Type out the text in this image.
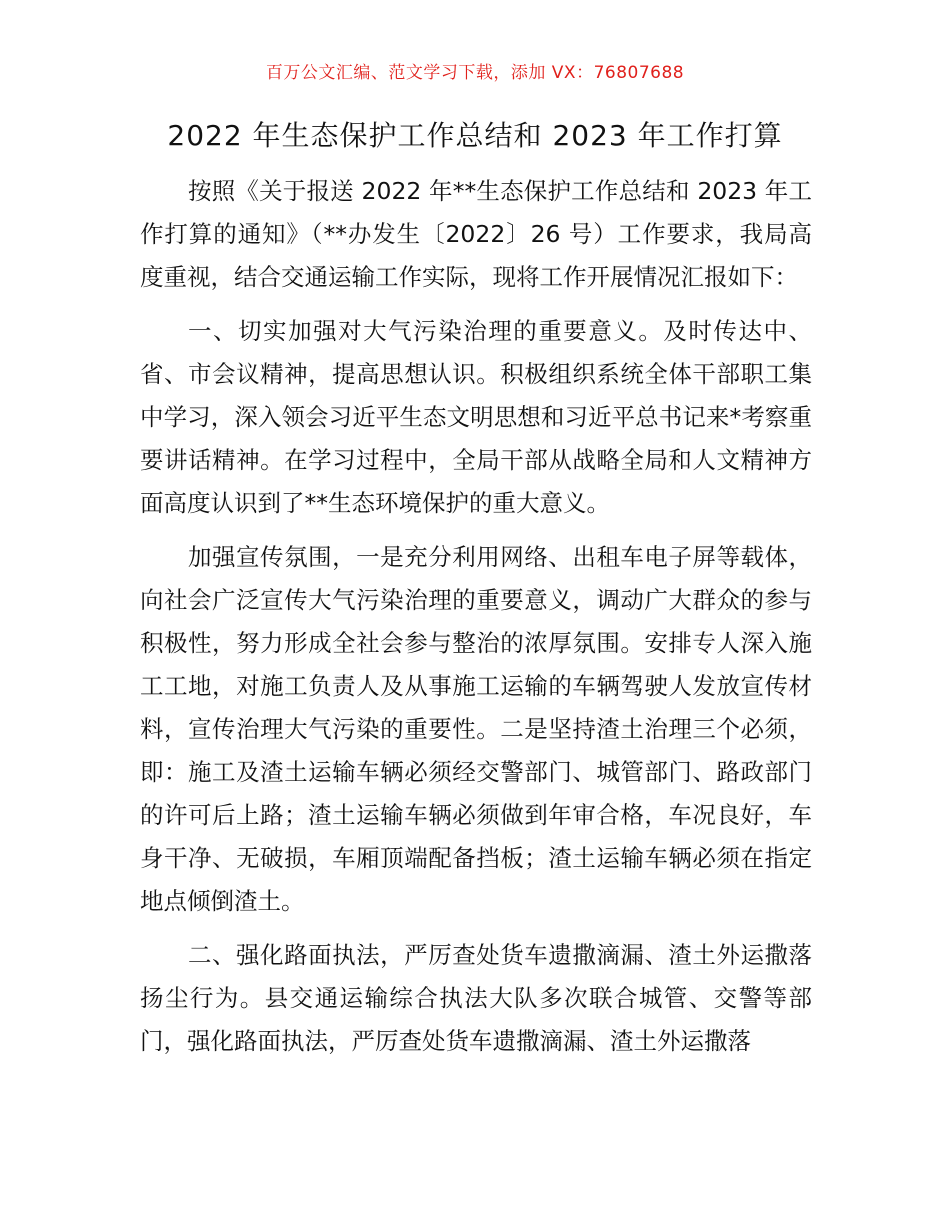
百万公文汇编、范文学习下载，添加 VX：76807688
2022 年生态保护工作总结和 2023 年工作打算

按照《关于报送 2022 年**生态保护工作总结和 2023 年工作打算的通知》（**办发生〔2022〕26 号）工作要求，我局高度重视，结合交通运输工作实际，现将工作开展情况汇报如下：

一、切实加强对大气污染治理的重要意义。及时传达中、省、市会议精神，提高思想认识。积极组织系统全体干部职工集中学习，深入领会习近平生态文明思想和习近平总书记来*考察重要讲话精神。在学习过程中，全局干部从战略全局和人文精神方面高度认识到了**生态环境保护的重大意义。

加强宣传氛围，一是充分利用网络、出租车电子屏等载体，向社会广泛宣传大气污染治理的重要意义，调动广大群众的参与积极性，努力形成全社会参与整治的浓厚氛围。安排专人深入施工工地，对施工负责人及从事施工运输的车辆驾驶人发放宣传材料，宣传治理大气污染的重要性。二是坚持渣土治理三个必须，即：施工及渣土运输车辆必须经交警部门、城管部门、路政部门的许可后上路；渣土运输车辆必须做到年审合格，车况良好，车身干净、无破损，车厢顶端配备挡板；渣土运输车辆必须在指定地点倾倒渣土。

二、强化路面执法，严厉查处货车遗撒滴漏、渣土外运撒落扬尘行为。县交通运输综合执法大队多次联合城管、交警等部门，强化路面执法，严厉查处货车遗撒滴漏、渣土外运撒落
